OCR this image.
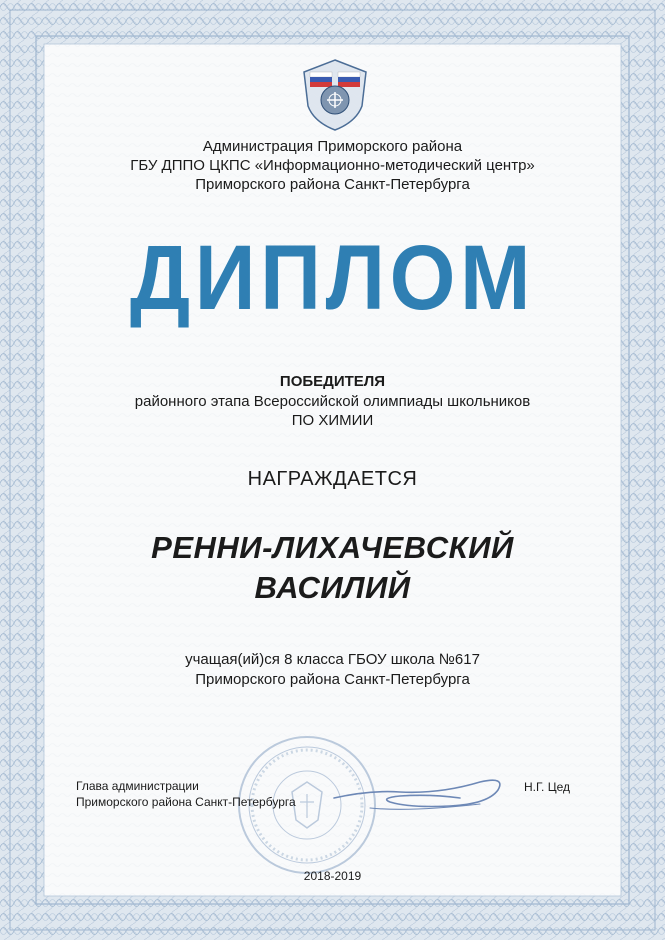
Администрация Приморского района
ГБУ ДППО ЦКПС «Информационно-методический центр»
Приморского района Санкт-Петербурга
ДИПЛОМ
ПОБЕДИТЕЛЯ
районного этапа Всероссийской олимпиады школьников
ПО ХИМИИ
НАГРАЖДАЕТСЯ
РЕННИ-ЛИХАЧЕВСКИЙ
ВАСИЛИЙ
учащая(ий)ся 8 класса ГБОУ школа №617
Приморского района Санкт-Петербурга
Глава администрации
Приморского района Санкт-Петербурга
Н.Г. Цед
2018-2019
